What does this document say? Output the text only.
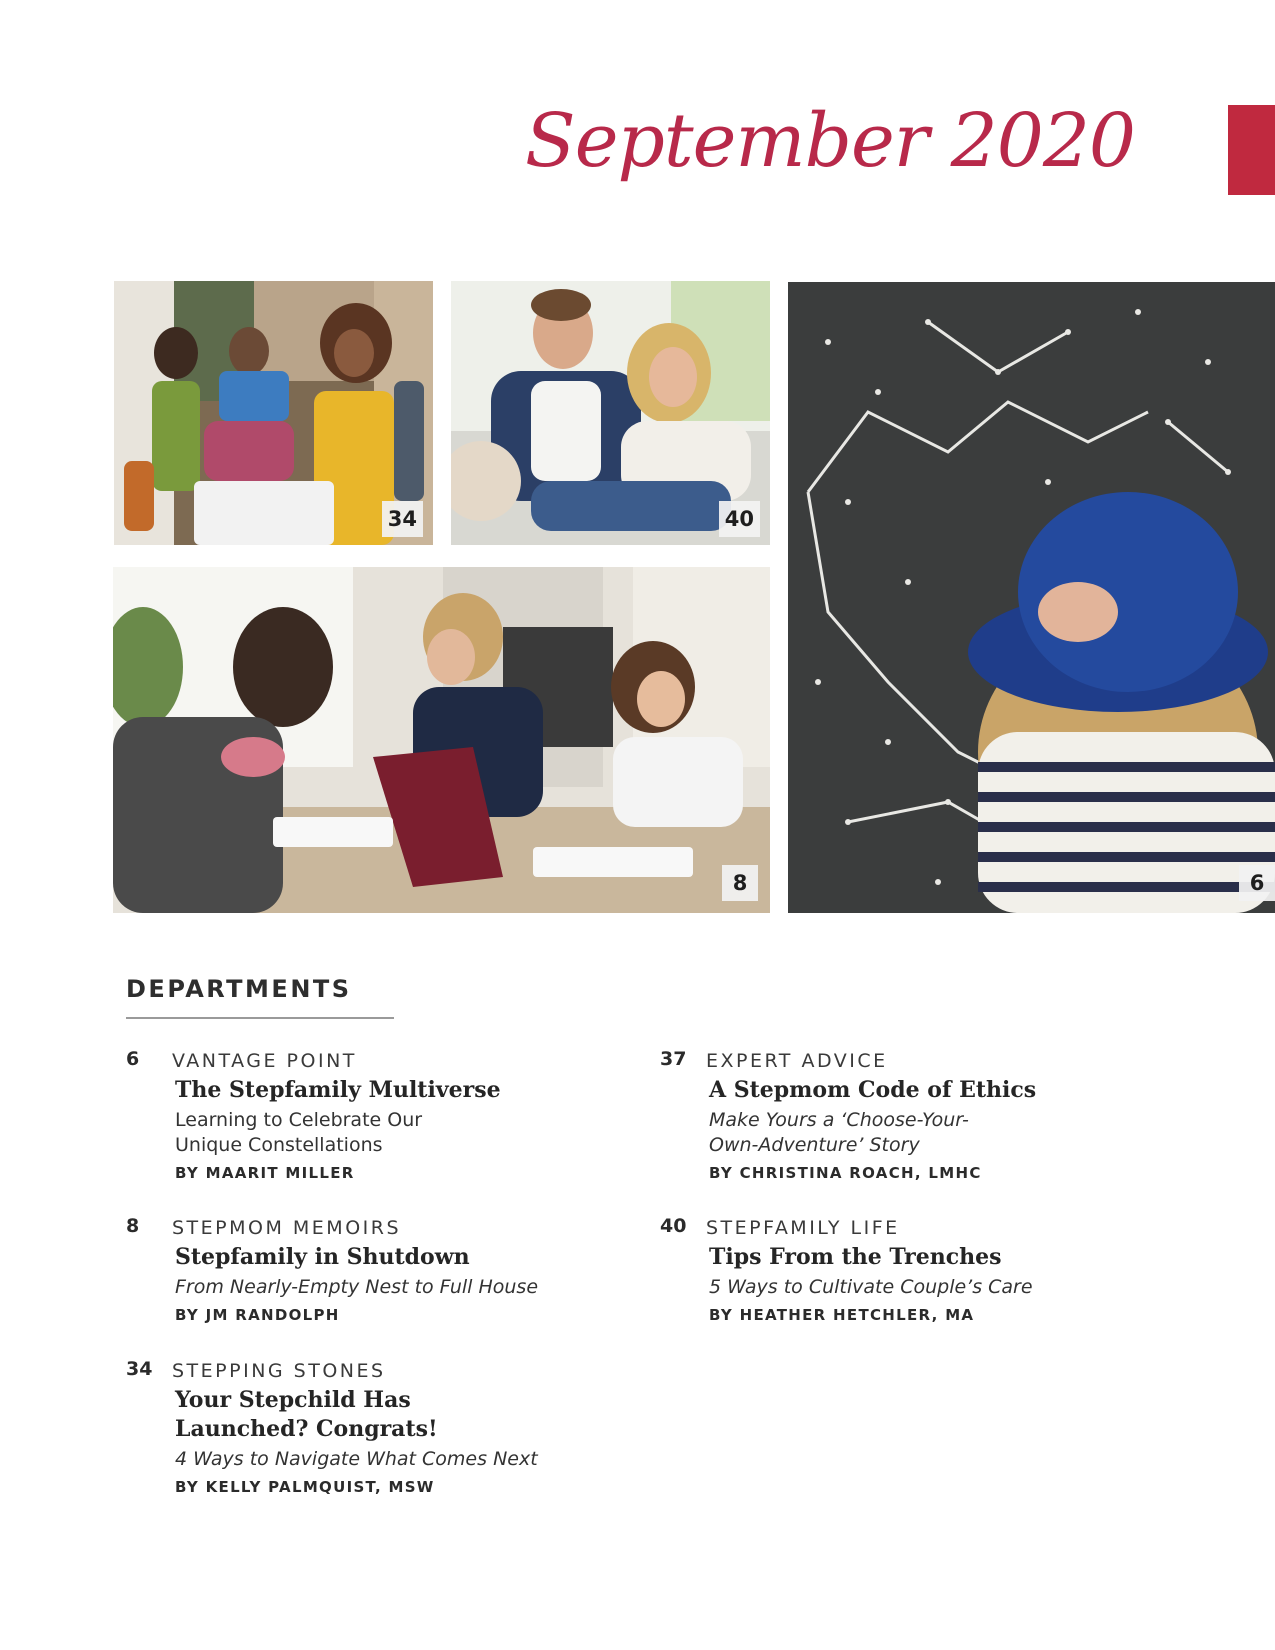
September 2020
34	40
8	6
DEPARTMENTS
6 VANTAGE POINT
The Stepfamily Multiverse
Learning to Celebrate Our
Unique Constellations
BY MAARIT MILLER
8 STEPMOM MEMOIRS
Stepfamily in Shutdown
From Nearly-Empty Nest to Full House
BY JM RANDOLPH
34 STEPPING STONES
Your Stepchild Has
Launched? Congrats!
4 Ways to Navigate What Comes Next
BY KELLY PALMQUIST, MSW
37 EXPERT ADVICE
A Stepmom Code of Ethics
Make Yours a ‘Choose-Your-
Own-Adventure’ Story
BY CHRISTINA ROACH, LMHC
40 STEPFAMILY LIFE
Tips From the Trenches
5 Ways to Cultivate Couple’s Care
BY HEATHER HETCHLER, MA
